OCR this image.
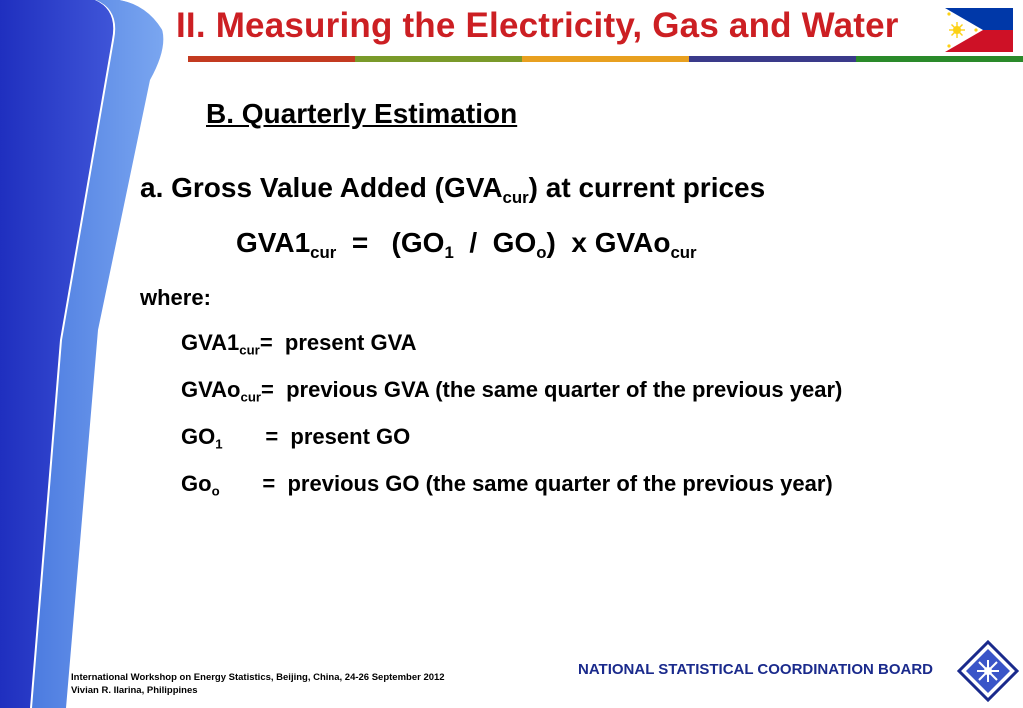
II. Measuring the Electricity, Gas and Water
B. Quarterly Estimation
a. Gross Value Added $(GVA_{cur})$ at current prices
$GVA1_{cur} = (GO_1 / GO_o)$  x GVAo$_{cur}$
where:
$GVA1_{cur}=$  present GVA
GVAo$_{cur}$=  previous GVA (the same quarter of the previous year)
$GO_1$       =  present GO
$Go_o$       =  previous GO (the same quarter of the previous year)
International Workshop on Energy Statistics, Beijing, China, 24-26 September 2012
Vivian R. Ilarina, Philippines
NATIONAL STATISTICAL COORDINATION BOARD
